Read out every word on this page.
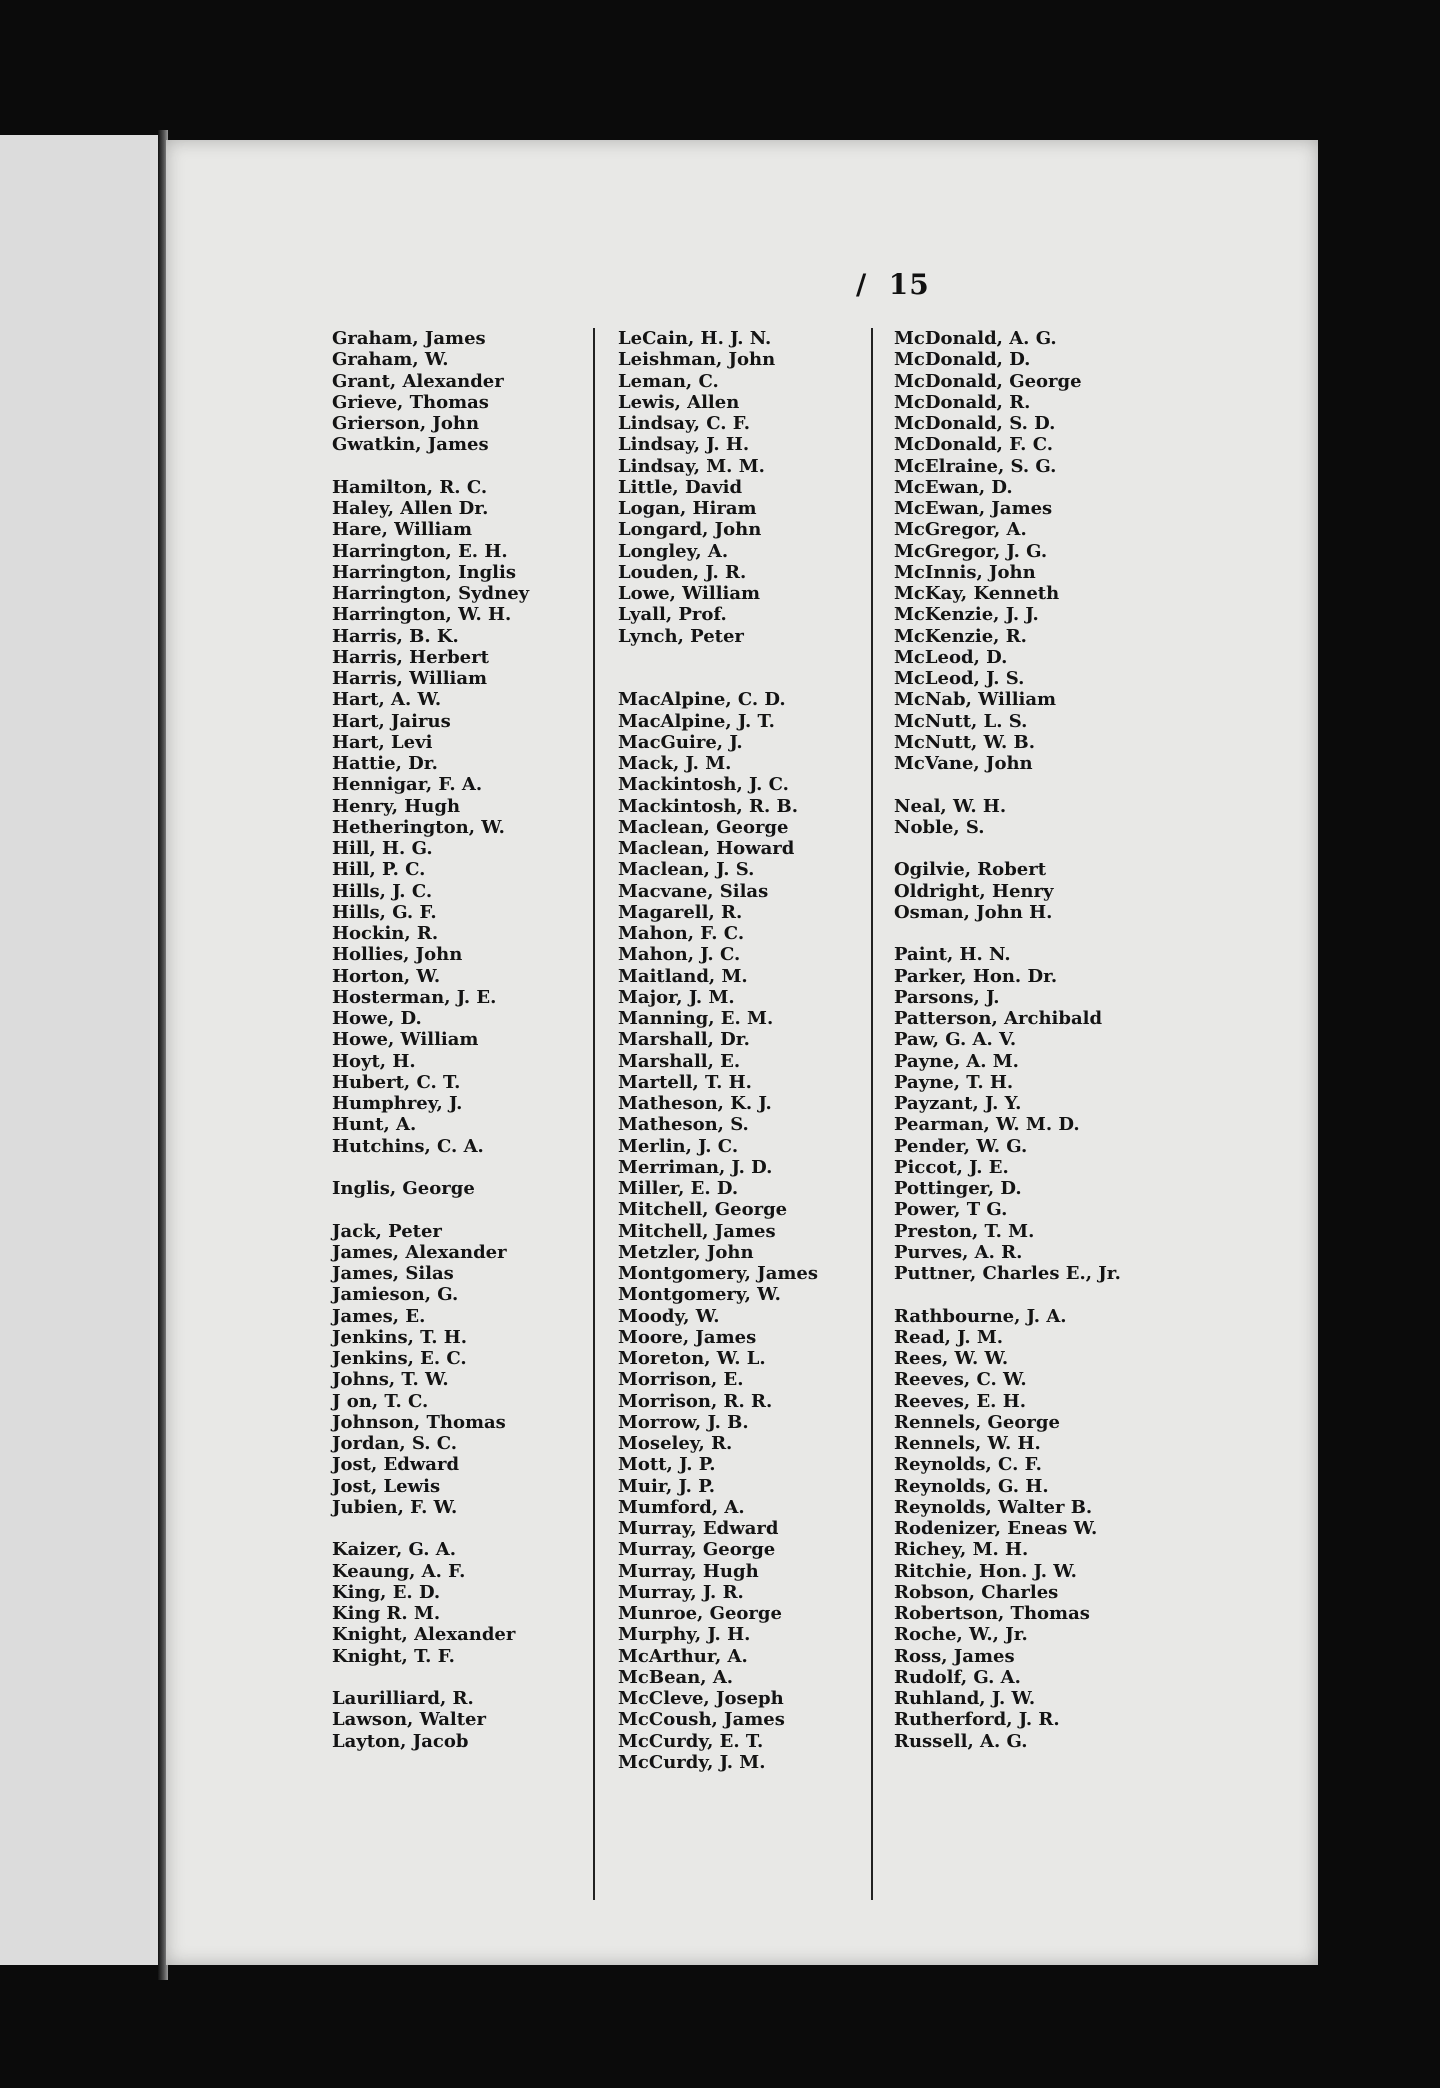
/ 15
Graham, James
Graham, W.
Grant, Alexander
Grieve, Thomas
Grierson, John
Gwatkin, James
Hamilton, R. C.
Haley, Allen Dr.
Hare, William
Harrington, E. H.
Harrington, Inglis
Harrington, Sydney
Harrington, W. H.
Harris, B. K.
Harris, Herbert
Harris, William
Hart, A. W.
Hart, Jairus
Hart, Levi
Hattie, Dr.
Hennigar, F. A.
Henry, Hugh
Hetherington, W.
Hill, H. G.
Hill, P. C.
Hills, J. C.
Hills, G. F.
Hockin, R.
Hollies, John
Horton, W.
Hosterman, J. E.
Howe, D.
Howe, William
Hoyt, H.
Hubert, C. T.
Humphrey, J.
Hunt, A.
Hutchins, C. A.
Inglis, George
Jack, Peter
James, Alexander
James, Silas
Jamieson, G.
James, E.
Jenkins, T. H.
Jenkins, E. C.
Johns, T. W.
J on, T. C.
Johnson, Thomas
Jordan, S. C.
Jost, Edward
Jost, Lewis
Jubien, F. W.
Kaizer, G. A.
Keaung, A. F.
King, E. D.
King R. M.
Knight, Alexander
Knight, T. F.
Laurilliard, R.
Lawson, Walter
Layton, Jacob
LeCain, H. J. N.
Leishman, John
Leman, C.
Lewis, Allen
Lindsay, C. F.
Lindsay, J. H.
Lindsay, M. M.
Little, David
Logan, Hiram
Longard, John
Longley, A.
Louden, J. R.
Lowe, William
Lyall, Prof.
Lynch, Peter
MacAlpine, C. D.
MacAlpine, J. T.
MacGuire, J.
Mack, J. M.
Mackintosh, J. C.
Mackintosh, R. B.
Maclean, George
Maclean, Howard
Maclean, J. S.
Macvane, Silas
Magarell, R.
Mahon, F. C.
Mahon, J. C.
Maitland, M.
Major, J. M.
Manning, E. M.
Marshall, Dr.
Marshall, E.
Martell, T. H.
Matheson, K. J.
Matheson, S.
Merlin, J. C.
Merriman, J. D.
Miller, E. D.
Mitchell, George
Mitchell, James
Metzler, John
Montgomery, James
Montgomery, W.
Moody, W.
Moore, James
Moreton, W. L.
Morrison, E.
Morrison, R. R.
Morrow, J. B.
Moseley, R.
Mott, J. P.
Muir, J. P.
Mumford, A.
Murray, Edward
Murray, George
Murray, Hugh
Murray, J. R.
Munroe, George
Murphy, J. H.
McArthur, A.
McBean, A.
McCleve, Joseph
McCoush, James
McCurdy, E. T.
McCurdy, J. M.
McDonald, A. G.
McDonald, D.
McDonald, George
McDonald, R.
McDonald, S. D.
McDonald, F. C.
McElraine, S. G.
McEwan, D.
McEwan, James
McGregor, A.
McGregor, J. G.
McInnis, John
McKay, Kenneth
McKenzie, J. J.
McKenzie, R.
McLeod, D.
McLeod, J. S.
McNab, William
McNutt, L. S.
McNutt, W. B.
McVane, John
Neal, W. H.
Noble, S.
Ogilvie, Robert
Oldright, Henry
Osman, John H.
Paint, H. N.
Parker, Hon. Dr.
Parsons, J.
Patterson, Archibald
Paw, G. A. V.
Payne, A. M.
Payne, T. H.
Payzant, J. Y.
Pearman, W. M. D.
Pender, W. G.
Piccot, J. E.
Pottinger, D.
Power, T G.
Preston, T. M.
Purves, A. R.
Puttner, Charles E., Jr.
Rathbourne, J. A.
Read, J. M.
Rees, W. W.
Reeves, C. W.
Reeves, E. H.
Rennels, George
Rennels, W. H.
Reynolds, C. F.
Reynolds, G. H.
Reynolds, Walter B.
Rodenizer, Eneas W.
Richey, M. H.
Ritchie, Hon. J. W.
Robson, Charles
Robertson, Thomas
Roche, W., Jr.
Ross, James
Rudolf, G. A.
Ruhland, J. W.
Rutherford, J. R.
Russell, A. G.
